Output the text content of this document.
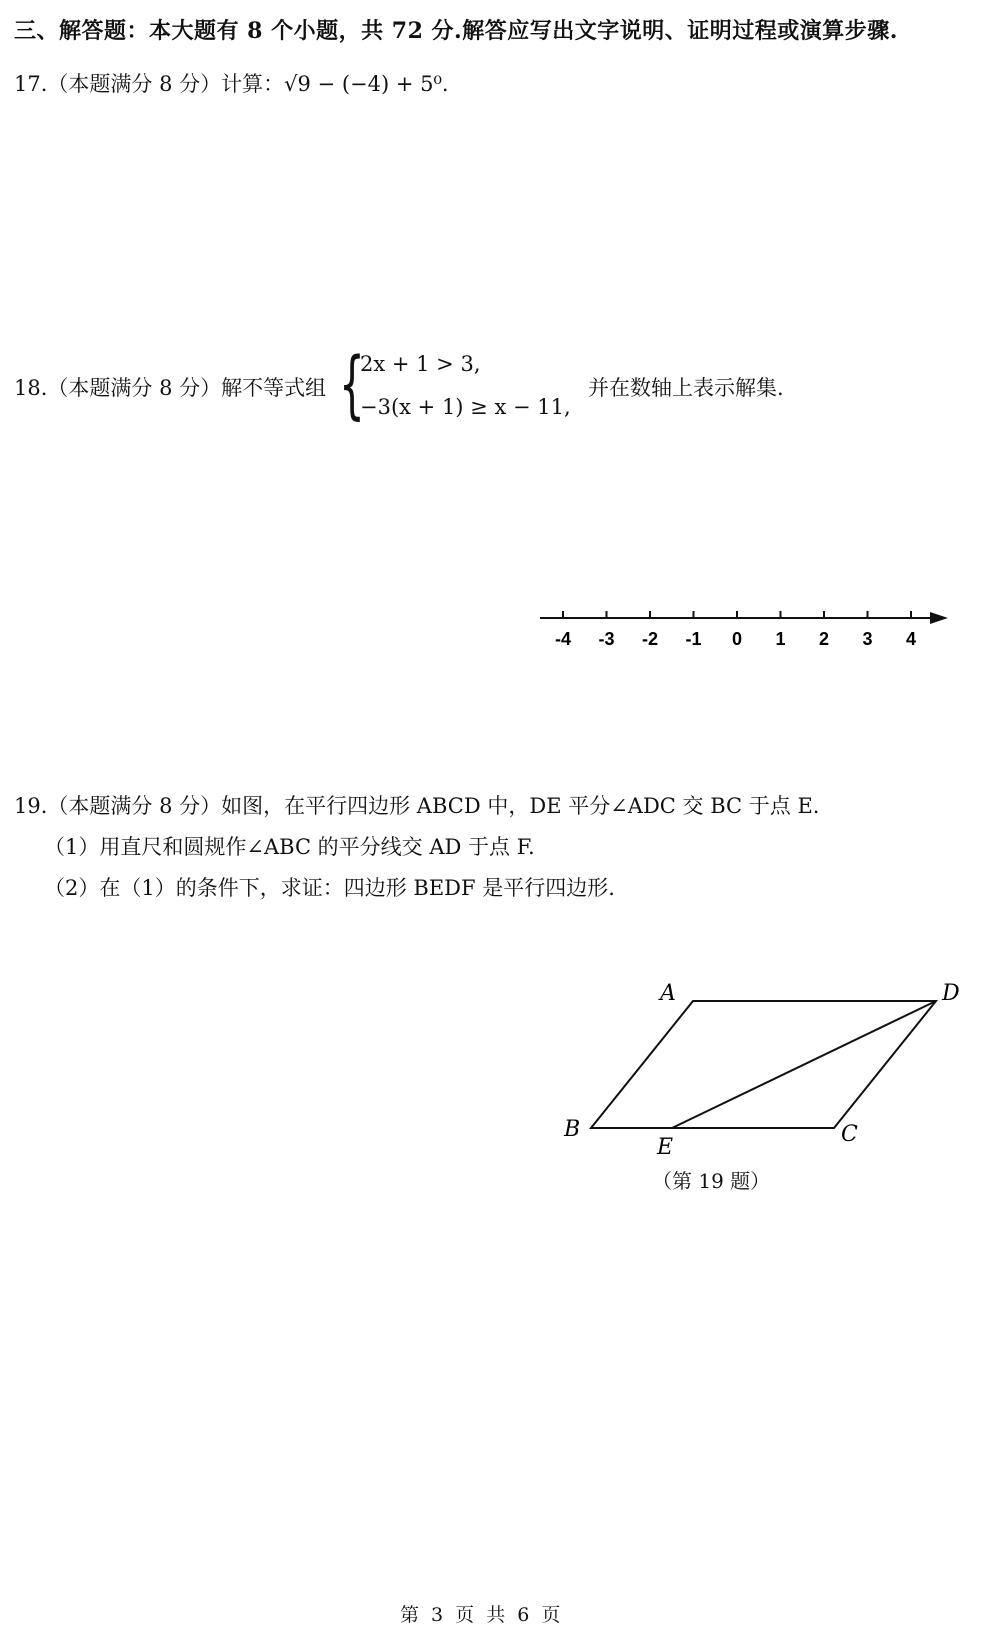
三、解答题：本大题有 8 个小题，共 72 分.解答应写出文字说明、证明过程或演算步骤.
17.（本题满分 8 分）计算：√9 − (−4) + 5⁰.
18.（本题满分 8 分）解不等式组 {
2x + 1 > 3,
−3(x + 1) ≥ x − 11,
并在数轴上表示解集.
19.（本题满分 8 分）如图，在平行四边形 ABCD 中，DE 平分∠ADC 交 BC 于点 E.
（1）用直尺和圆规作∠ABC 的平分线交 AD 于点 F.
（2）在（1）的条件下，求证：四边形 BEDF 是平行四边形.
-4 -3 -2 -1 0 1 2 3 4
A
B	C
D
E
（第 19 题）
第 3 页 共 6 页
